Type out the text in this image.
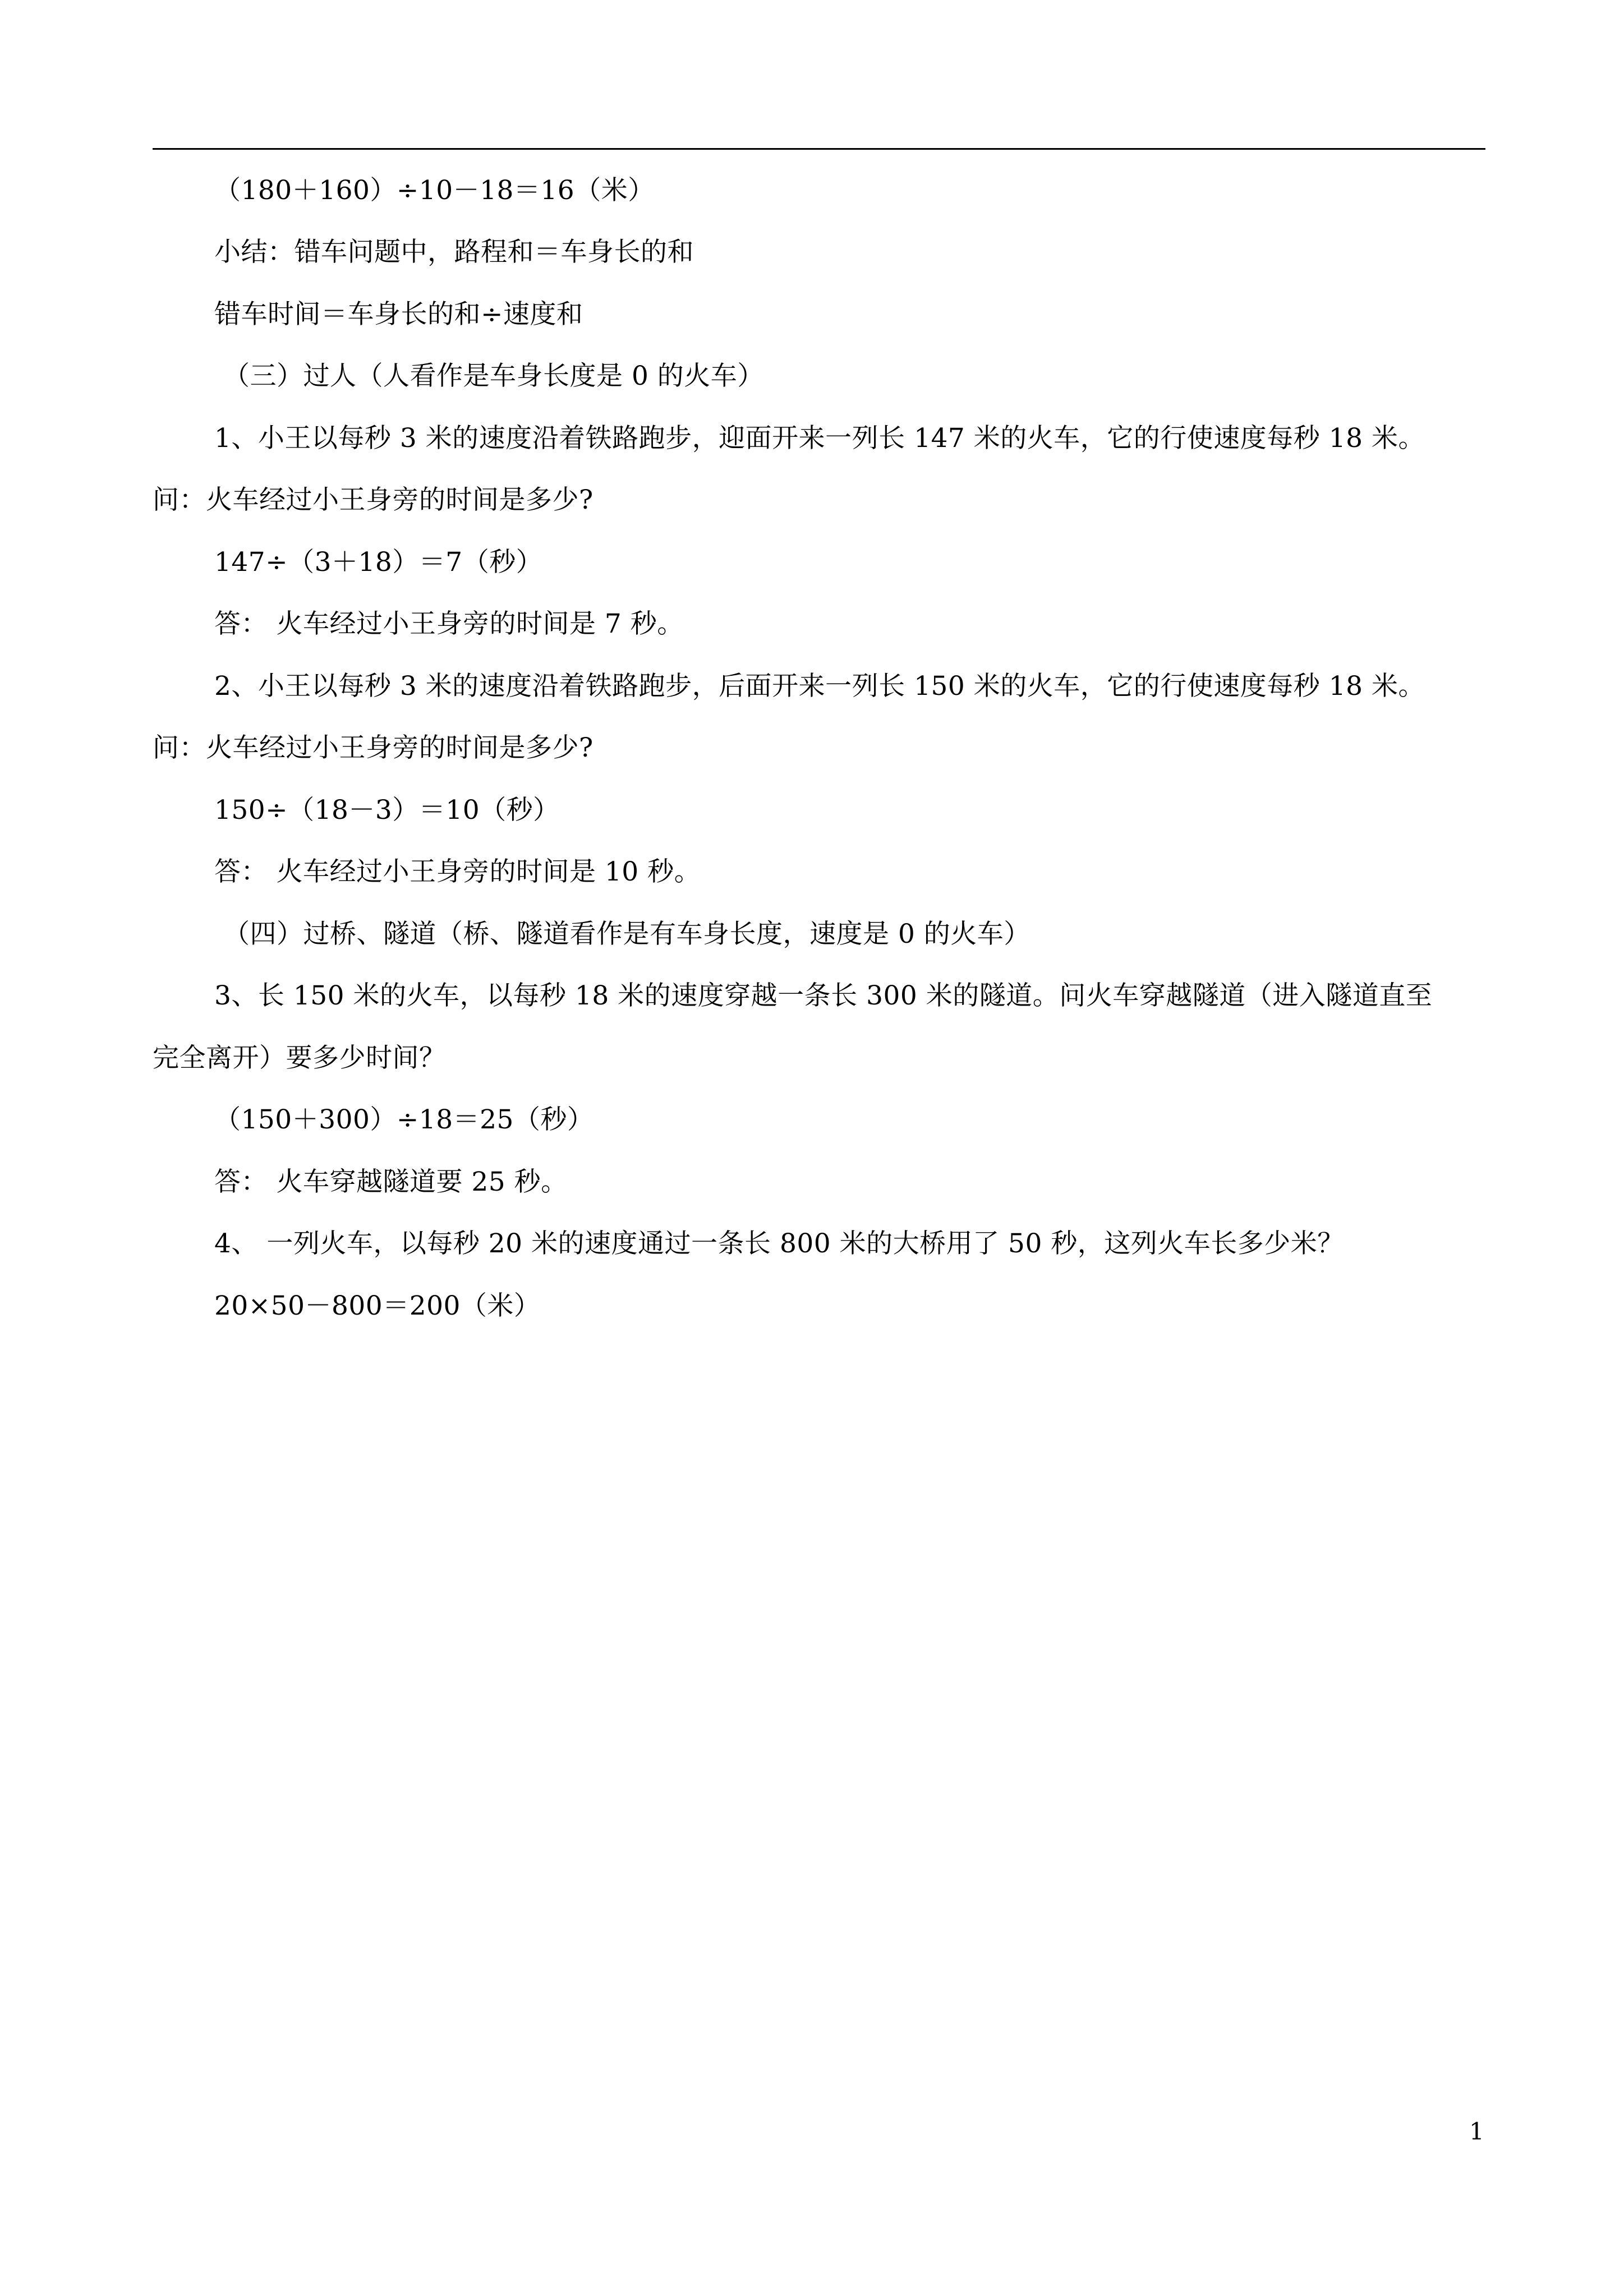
（180＋160）÷10－18＝16（米）
小结：错车问题中，路程和＝车身长的和
错车时间＝车身长的和÷速度和
（三）过人（人看作是车身长度是 0 的火车）
1、小王以每秒 3 米的速度沿着铁路跑步，迎面开来一列长 147 米的火车，它的行使速度每秒 18 米。
问：火车经过小王身旁的时间是多少?
147÷（3＋18）＝7（秒）
答： 火车经过小王身旁的时间是 7 秒。
2、小王以每秒 3 米的速度沿着铁路跑步，后面开来一列长 150 米的火车，它的行使速度每秒 18 米。
问：火车经过小王身旁的时间是多少?
150÷（18－3）＝10（秒）
答： 火车经过小王身旁的时间是 10 秒。
（四）过桥、隧道（桥、隧道看作是有车身长度，速度是 0 的火车）
3、长 150 米的火车，以每秒 18 米的速度穿越一条长 300 米的隧道。问火车穿越隧道（进入隧道直至
完全离开）要多少时间？
（150＋300）÷18＝25（秒）
答： 火车穿越隧道要 25 秒。
4、 一列火车，以每秒 20 米的速度通过一条长 800 米的大桥用了 50 秒，这列火车长多少米？
20×50－800＝200（米）
1
